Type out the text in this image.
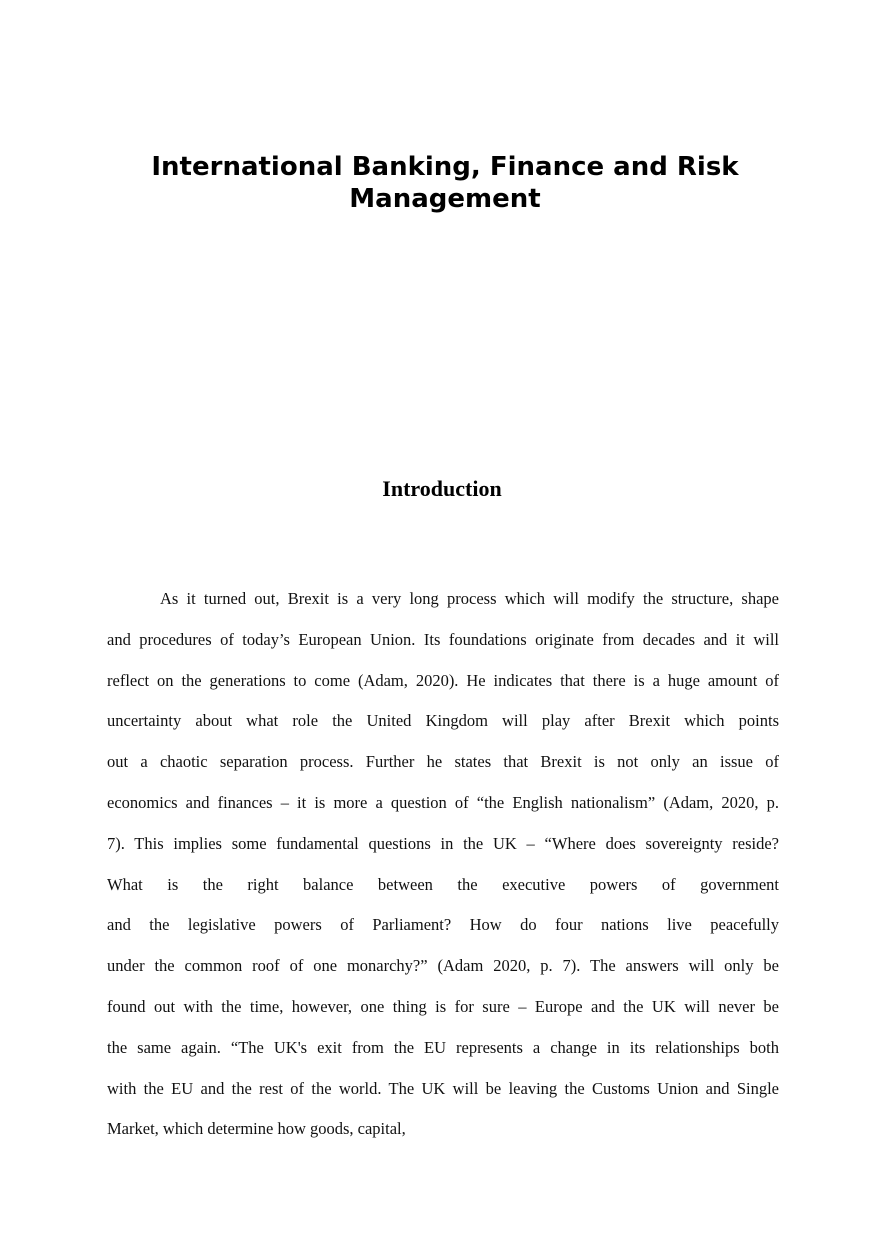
International Banking, Finance and Risk
Management
Introduction
As it turned out, Brexit is a very long process which will modify the structure, shape
and procedures of today’s European Union. Its foundations originate from decades and it will
reflect on the generations to come (Adam, 2020). He indicates that there is a huge amount of
uncertainty about what role the United Kingdom will play after Brexit which points
out a chaotic separation process. Further he states that Brexit is not only an issue of
economics and finances – it is more a question of “the English nationalism” (Adam, 2020, p.
7). This implies some fundamental questions in the UK – “Where does sovereignty reside?
What is the right balance between the executive powers of government
and the legislative powers of Parliament? How do four nations live peacefully
under the common roof of one monarchy?” (Adam 2020, p. 7). The answers will only be
found out with the time, however, one thing is for sure – Europe and the UK will never be
the same again. “The UK's exit from the EU represents a change in its relationships both
with the EU and the rest of the world. The UK will be leaving the Customs Union and Single
Market, which determine how goods, capital,
